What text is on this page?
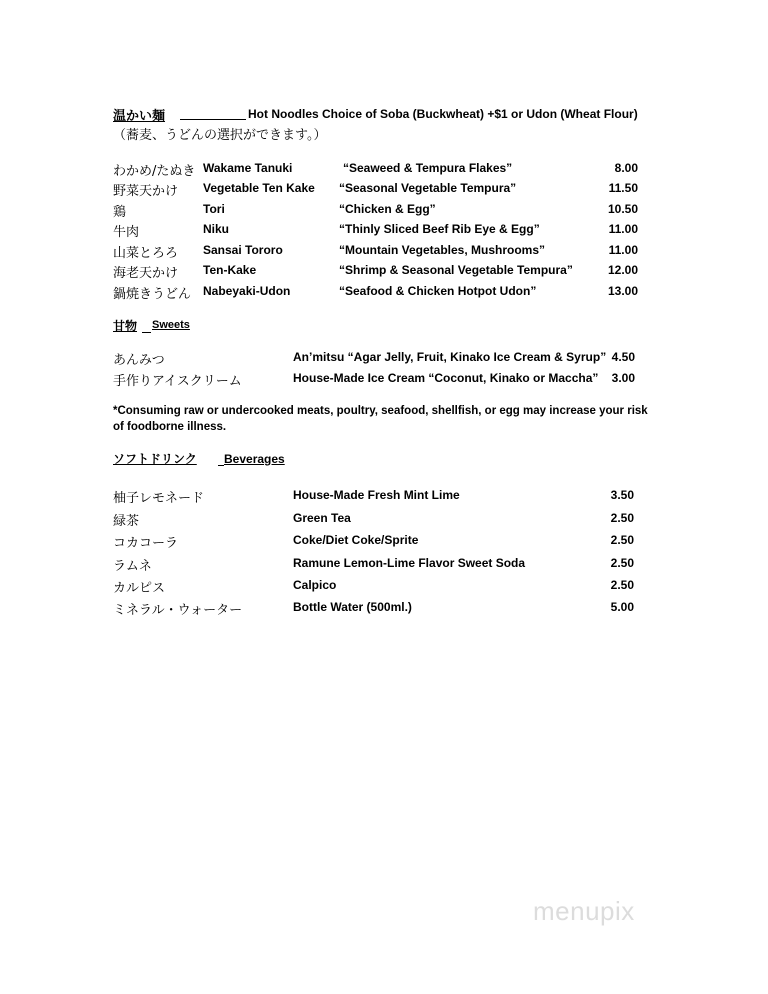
温かい麺	Hot Noodles Choice of Soba (Buckwheat) +$1 or Udon (Wheat Flour)
（蕎麦、うどんの選択ができます。）
わかめ/たぬき Wakame Tanuki	“Seaweed & Tempura Flakes”	8.00
野菜天かけ Vegetable Ten Kake “Seasonal Vegetable Tempura”	11.50
鶏	Tori	“Chicken & Egg”	10.50
牛肉	Niku	“Thinly Sliced Beef Rib Eye & Egg”	11.00
山菜とろろ Sansai Tororo	“Mountain Vegetables, Mushrooms”	11.00
海老天かけ Ten-Kake	“Shrimp & Seasonal Vegetable Tempura”	12.00
鍋焼きうどん Nabeyaki-Udon	“Seafood & Chicken Hotpot Udon”	13.00
甘物 Sweets
あんみつ	An’mitsu “Agar Jelly, Fruit, Kinako Ice Cream & Syrup” 4.50
手作りアイスクリーム	House-Made Ice Cream “Coconut, Kinako or Maccha”	3.00
*Consuming raw or undercooked meats, poultry, seafood, shellfish, or egg may increase your risk of foodborne illness.
ソフトドリンク Beverages
柚子レモネード	House-Made Fresh Mint Lime	3.50
緑茶	Green Tea	2.50
コカコーラ	Coke/Diet Coke/Sprite	2.50
ラムネ	Ramune Lemon-Lime Flavor Sweet Soda	2.50
カルピス	Calpico	2.50
ミネラル・ウォーター	Bottle Water (500ml.)	5.00
menupix
